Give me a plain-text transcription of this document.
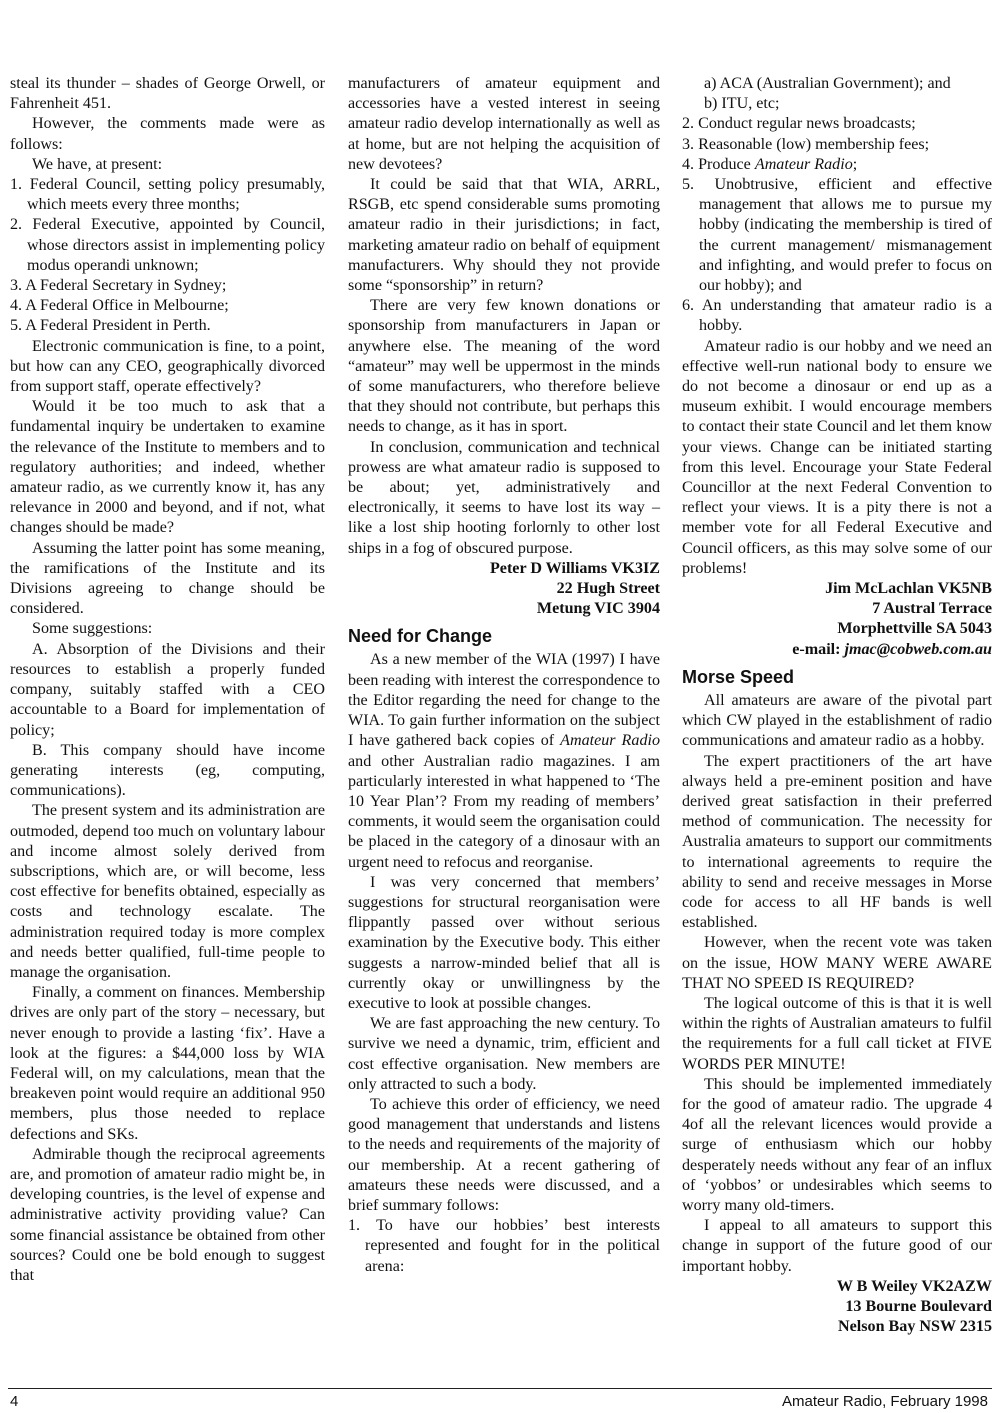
steal its thunder – shades of George Orwell, or Fahrenheit 451.

However, the comments made were as follows:

We have, at present:

1. Federal Council, setting policy presumably, which meets every three months;

2. Federal Executive, appointed by Council, whose directors assist in implementing policy modus operandi unknown;

3. A Federal Secretary in Sydney;

4. A Federal Office in Melbourne;

5. A Federal President in Perth.

Electronic communication is fine, to a point, but how can any CEO, geographically divorced from support staff, operate effectively?

Would it be too much to ask that a fundamental inquiry be undertaken to examine the relevance of the Institute to members and to regulatory authorities; and indeed, whether amateur radio, as we currently know it, has any relevance in 2000 and beyond, and if not, what changes should be made?

Assuming the latter point has some meaning, the ramifications of the Institute and its Divisions agreeing to change should be considered.

Some suggestions:

A. Absorption of the Divisions and their resources to establish a properly funded company, suitably staffed with a CEO accountable to a Board for implementation of policy;

B. This company should have income generating interests (eg, computing, communications).

The present system and its administration are outmoded, depend too much on voluntary labour and income almost solely derived from subscriptions, which are, or will become, less cost effective for benefits obtained, especially as costs and technology escalate. The administration required today is more complex and needs better qualified, full-time people to manage the organisation.

Finally, a comment on finances. Membership drives are only part of the story – necessary, but never enough to provide a lasting ‘fix’. Have a look at the figures: a $44,000 loss by WIA Federal will, on my calculations, mean that the breakeven point would require an additional 950 members, plus those needed to replace defections and SKs.

Admirable though the reciprocal agreements are, and promotion of amateur radio might be, in developing countries, is the level of expense and administrative activity providing value? Can some financial assistance be obtained from other sources? Could one be bold enough to suggest that

manufacturers of amateur equipment and accessories have a vested interest in seeing amateur radio develop internationally as well as at home, but are not helping the acquisition of new devotees?

It could be said that that WIA, ARRL, RSGB, etc spend considerable sums promoting amateur radio in their jurisdictions; in fact, marketing amateur radio on behalf of equipment manufacturers. Why should they not provide some “sponsorship” in return?

There are very few known donations or sponsorship from manufacturers in Japan or anywhere else. The meaning of the word “amateur” may well be uppermost in the minds of some manufacturers, who therefore believe that they should not contribute, but perhaps this needs to change, as it has in sport.

In conclusion, communication and technical prowess are what amateur radio is supposed to be about; yet, administratively and electronically, it seems to have lost its way – like a lost ship hooting forlornly to other lost ships in a fog of obscured purpose.

Peter D Williams VK3IZ

22 Hugh Street

Metung VIC 3904

Need for Change

As a new member of the WIA (1997) I have been reading with interest the correspondence to the Editor regarding the need for change to the WIA. To gain further information on the subject I have gathered back copies of Amateur Radio and other Australian radio magazines. I am particularly interested in what happened to ‘The 10 Year Plan’? From my reading of members’ comments, it would seem the organisation could be placed in the category of a dinosaur with an urgent need to refocus and reorganise.

I was very concerned that members’ suggestions for structural reorganisation were flippantly passed over without serious examination by the Executive body. This either suggests a narrow-minded belief that all is currently okay or unwillingness by the executive to look at possible changes.

We are fast approaching the new century. To survive we need a dynamic, trim, efficient and cost effective organisation. New members are only attracted to such a body.

To achieve this order of efficiency, we need good management that understands and listens to the needs and requirements of the majority of our membership. At a recent gathering of amateurs these needs were discussed, and a brief summary follows:

1. To have our hobbies’ best interests represented and fought for in the political arena:

a) ACA (Australian Government); and

b) ITU, etc;

2. Conduct regular news broadcasts;

3. Reasonable (low) membership fees;

4. Produce Amateur Radio;

5. Unobtrusive, efficient and effective management that allows me to pursue my hobby (indicating the membership is tired of the current management/ mismanagement and infighting, and would prefer to focus on our hobby); and

6. An understanding that amateur radio is a hobby.

Amateur radio is our hobby and we need an effective well-run national body to ensure we do not become a dinosaur or end up as a museum exhibit. I would encourage members to contact their state Council and let them know your views. Change can be initiated starting from this level. Encourage your State Federal Councillor at the next Federal Convention to reflect your views. It is a pity there is not a member vote for all Federal Executive and Council officers, as this may solve some of our problems!

Jim McLachlan VK5NB

7 Austral Terrace

Morphettville SA 5043

e-mail: jmac@cobweb.com.au

Morse Speed

All amateurs are aware of the pivotal part which CW played in the establishment of radio communications and amateur radio as a hobby.

The expert practitioners of the art have always held a pre-eminent position and have derived great satisfaction in their preferred method of communication. The necessity for Australia amateurs to support our commitments to international agreements to require the ability to send and receive messages in Morse code for access to all HF bands is well established.

However, when the recent vote was taken on the issue, HOW MANY WERE AWARE THAT NO SPEED IS REQUIRED?

The logical outcome of this is that it is well within the rights of Australian amateurs to fulfil the requirements for a full call ticket at FIVE WORDS PER MINUTE!

This should be implemented immediately for the good of amateur radio. The upgrade 4 4of all the relevant licences would provide a surge of enthusiasm which our hobby desperately needs without any fear of an influx of ‘yobbos’ or undesirables which seems to worry many old-timers.

I appeal to all amateurs to support this change in support of the future good of our important hobby.

W B Weiley VK2AZW

13 Bourne Boulevard

Nelson Bay NSW 2315

4	Amateur Radio, February 1998
